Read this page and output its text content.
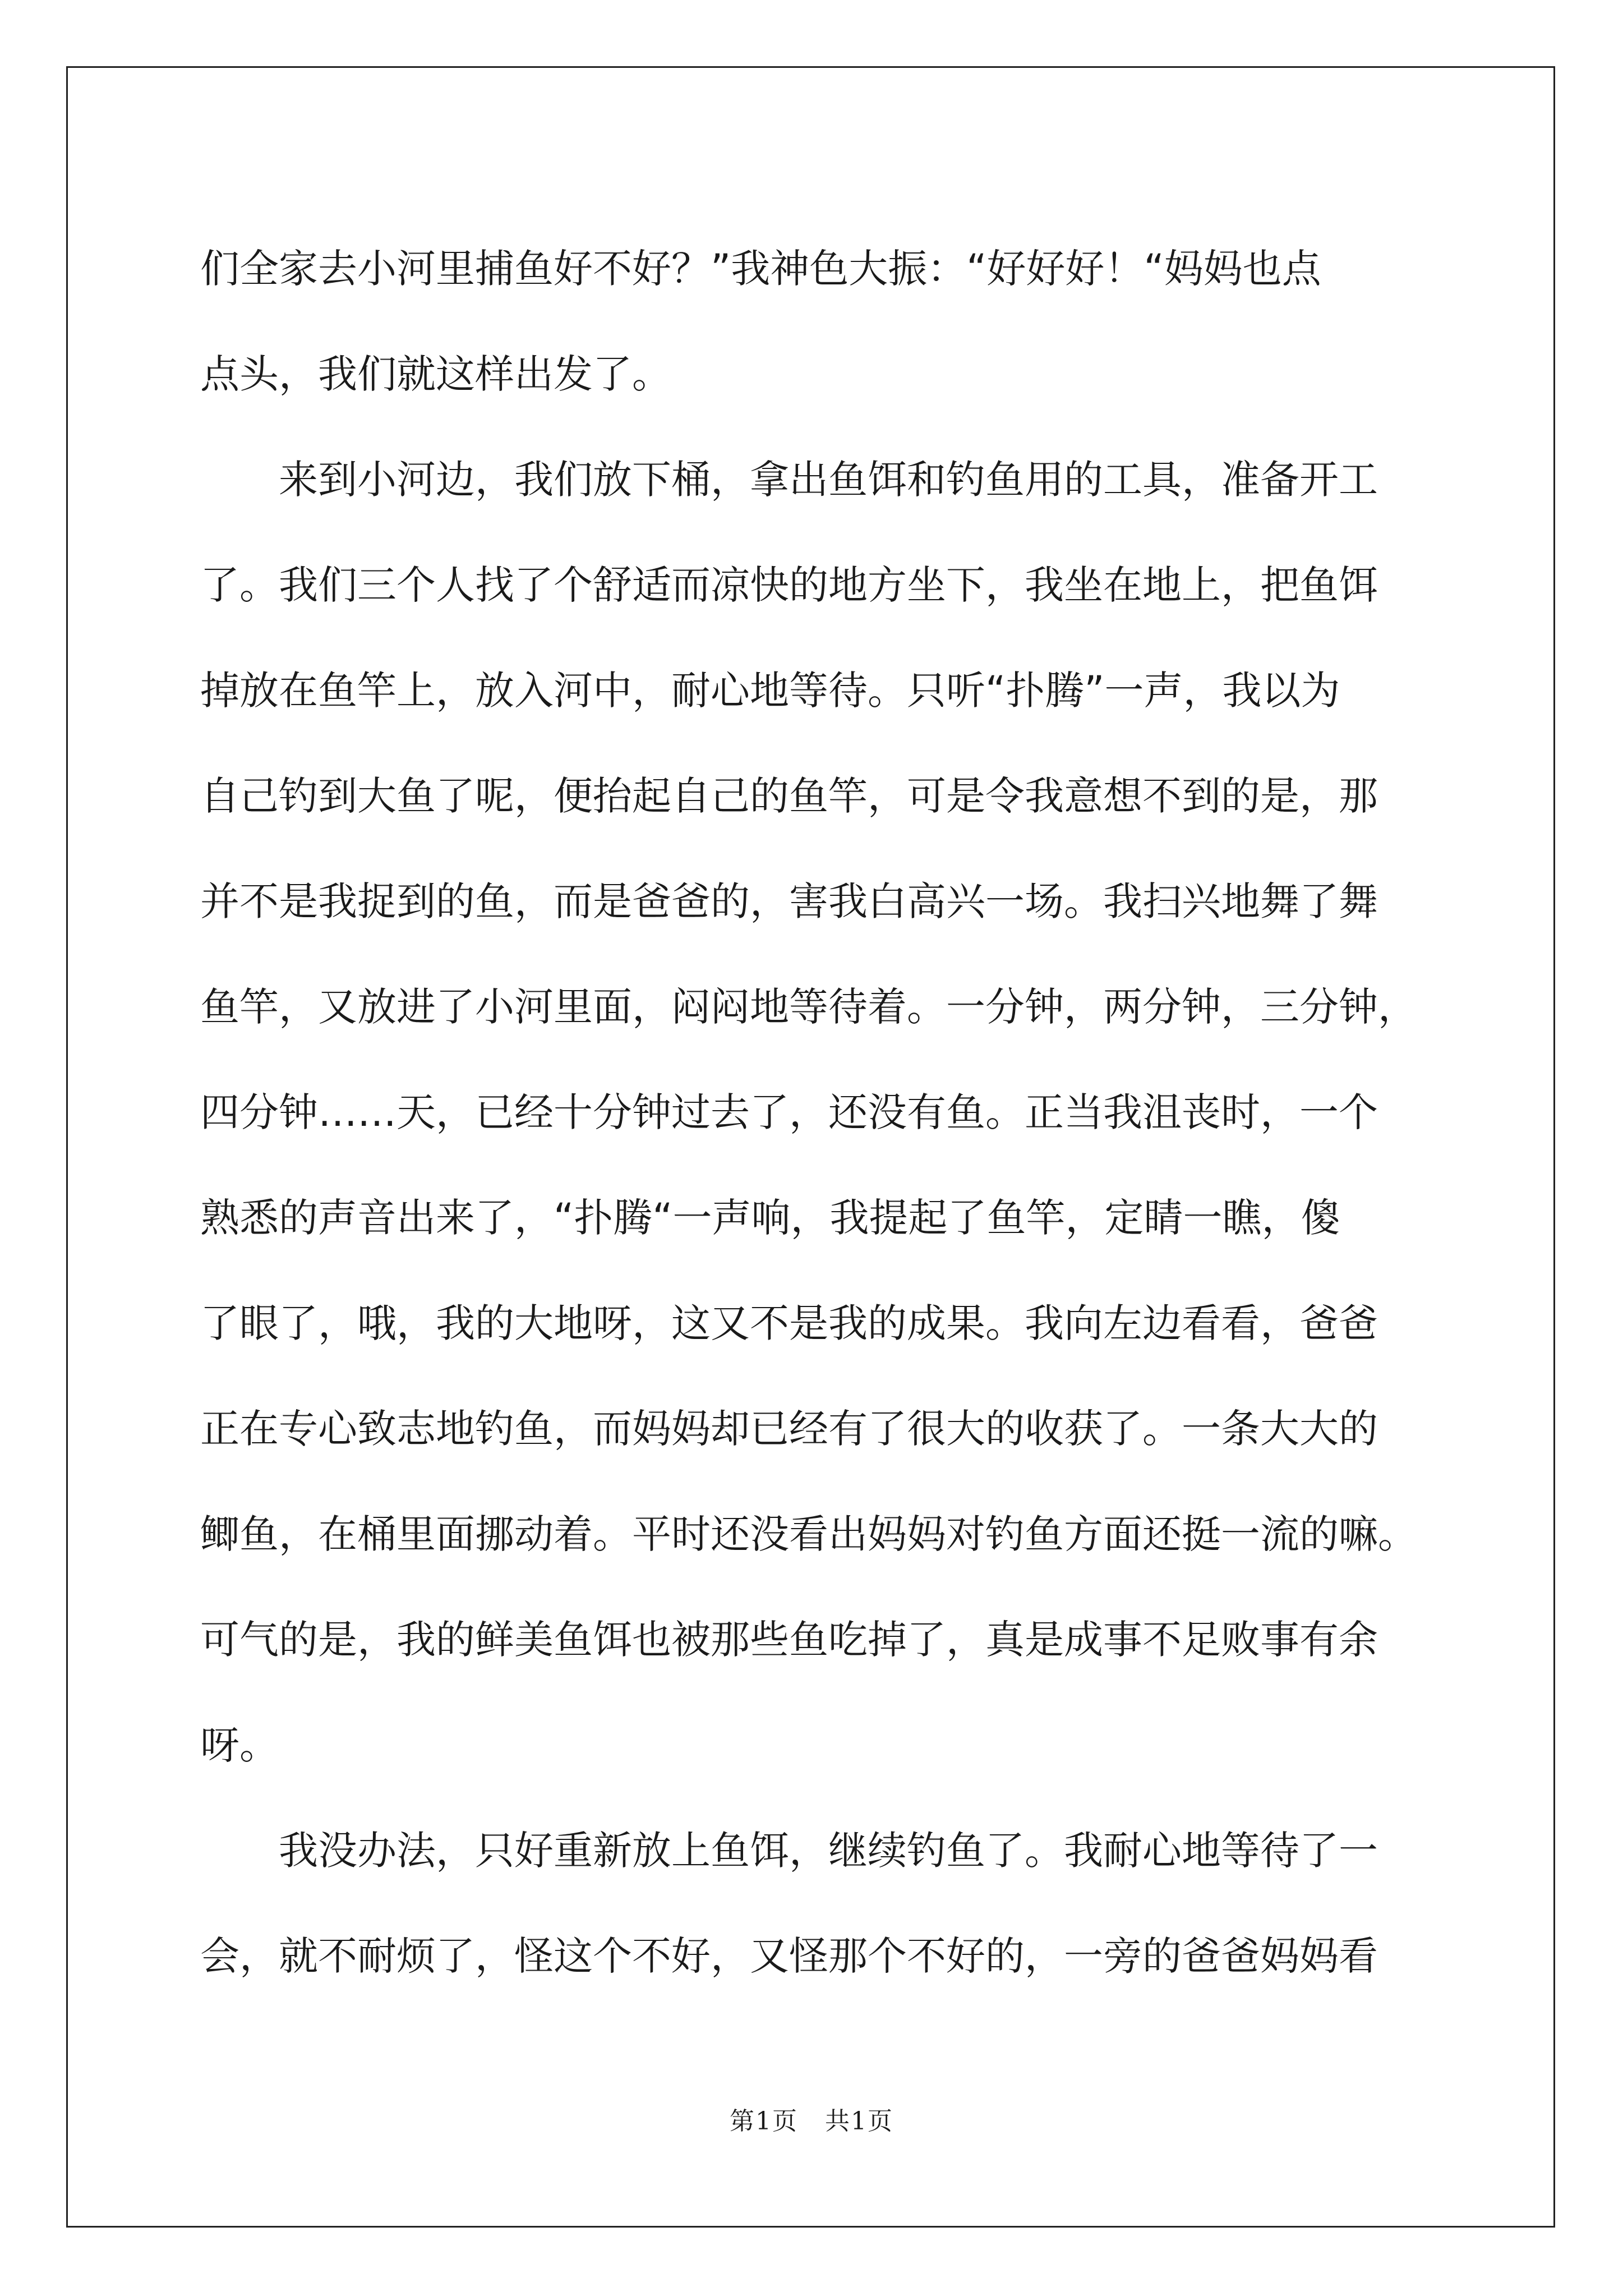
们全家去小河里捕鱼好不好？”我神色大振：“好好好！“妈妈也点
点头，我们就这样出发了。

来到小河边，我们放下桶，拿出鱼饵和钓鱼用的工具，准备开工
了。我们三个人找了个舒适而凉快的地方坐下，我坐在地上，把鱼饵
掉放在鱼竿上，放入河中，耐心地等待。只听“扑腾”一声，我以为
自己钓到大鱼了呢，便抬起自己的鱼竿，可是令我意想不到的是，那
并不是我捉到的鱼，而是爸爸的，害我白高兴一场。我扫兴地舞了舞
鱼竿，又放进了小河里面，闷闷地等待着。一分钟，两分钟，三分钟，
四分钟……天，已经十分钟过去了，还没有鱼。正当我沮丧时，一个
熟悉的声音出来了，“扑腾“一声响，我提起了鱼竿，定睛一瞧，傻
了眼了，哦，我的大地呀，这又不是我的成果。我向左边看看，爸爸
正在专心致志地钓鱼，而妈妈却已经有了很大的收获了。一条大大的
鲫鱼，在桶里面挪动着。平时还没看出妈妈对钓鱼方面还挺一流的嘛。
可气的是，我的鲜美鱼饵也被那些鱼吃掉了，真是成事不足败事有余
呀。

我没办法，只好重新放上鱼饵，继续钓鱼了。我耐心地等待了一
会，就不耐烦了，怪这个不好，又怪那个不好的，一旁的爸爸妈妈看

第1页 共1页
